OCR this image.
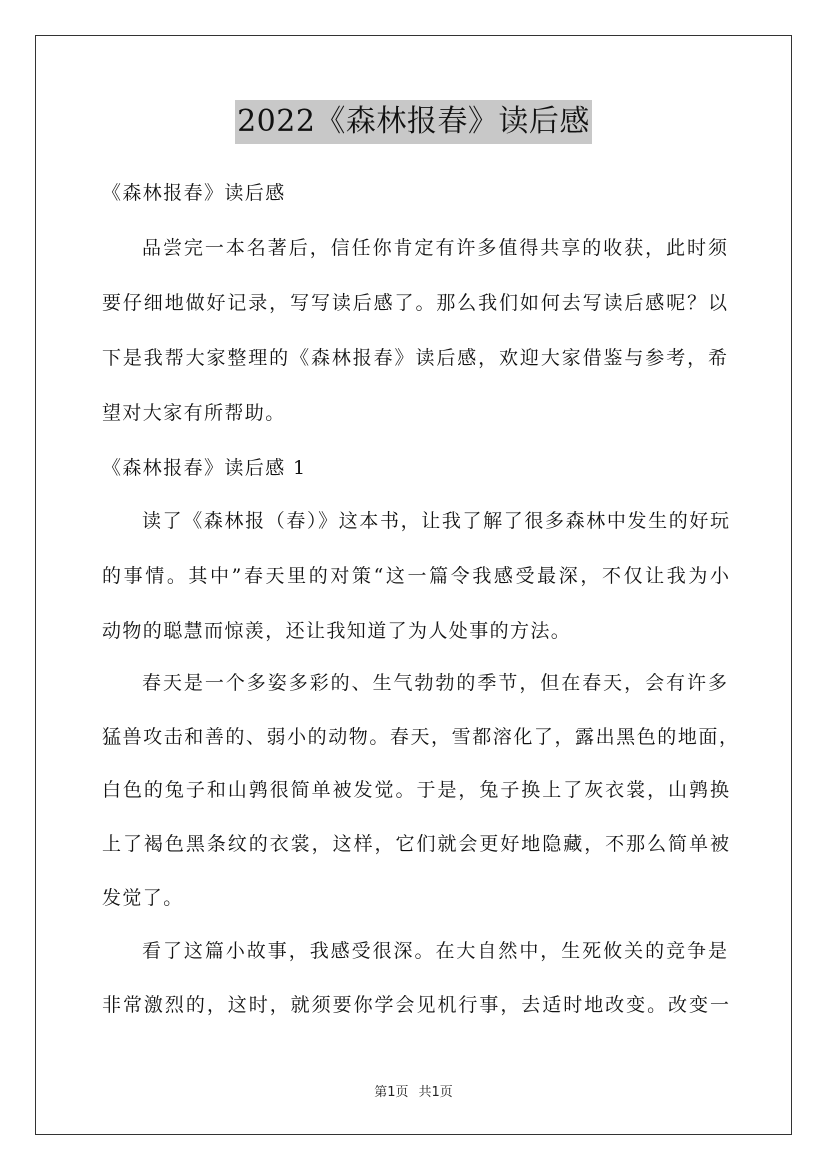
2022《森林报春》读后感
《森林报春》读后感
品尝完一本名著后，信任你肯定有许多值得共享的收获，此时须
要仔细地做好记录，写写读后感了。那么我们如何去写读后感呢？以
下是我帮大家整理的《森林报春》读后感，欢迎大家借鉴与参考，希
望对大家有所帮助。
《森林报春》读后感 1
读了《森林报（春）》这本书，让我了解了很多森林中发生的好玩
的事情。其中”春天里的对策“这一篇令我感受最深，不仅让我为小
动物的聪慧而惊羡，还让我知道了为人处事的方法。
春天是一个多姿多彩的、生气勃勃的季节，但在春天，会有许多
猛兽攻击和善的、弱小的动物。春天，雪都溶化了，露出黑色的地面，
白色的兔子和山鹑很简单被发觉。于是，兔子换上了灰衣裳，山鹑换
上了褐色黑条纹的衣裳，这样，它们就会更好地隐藏，不那么简单被
发觉了。
看了这篇小故事，我感受很深。在大自然中，生死攸关的竞争是
非常激烈的，这时，就须要你学会见机行事，去适时地改变。改变一
第1页 共1页
